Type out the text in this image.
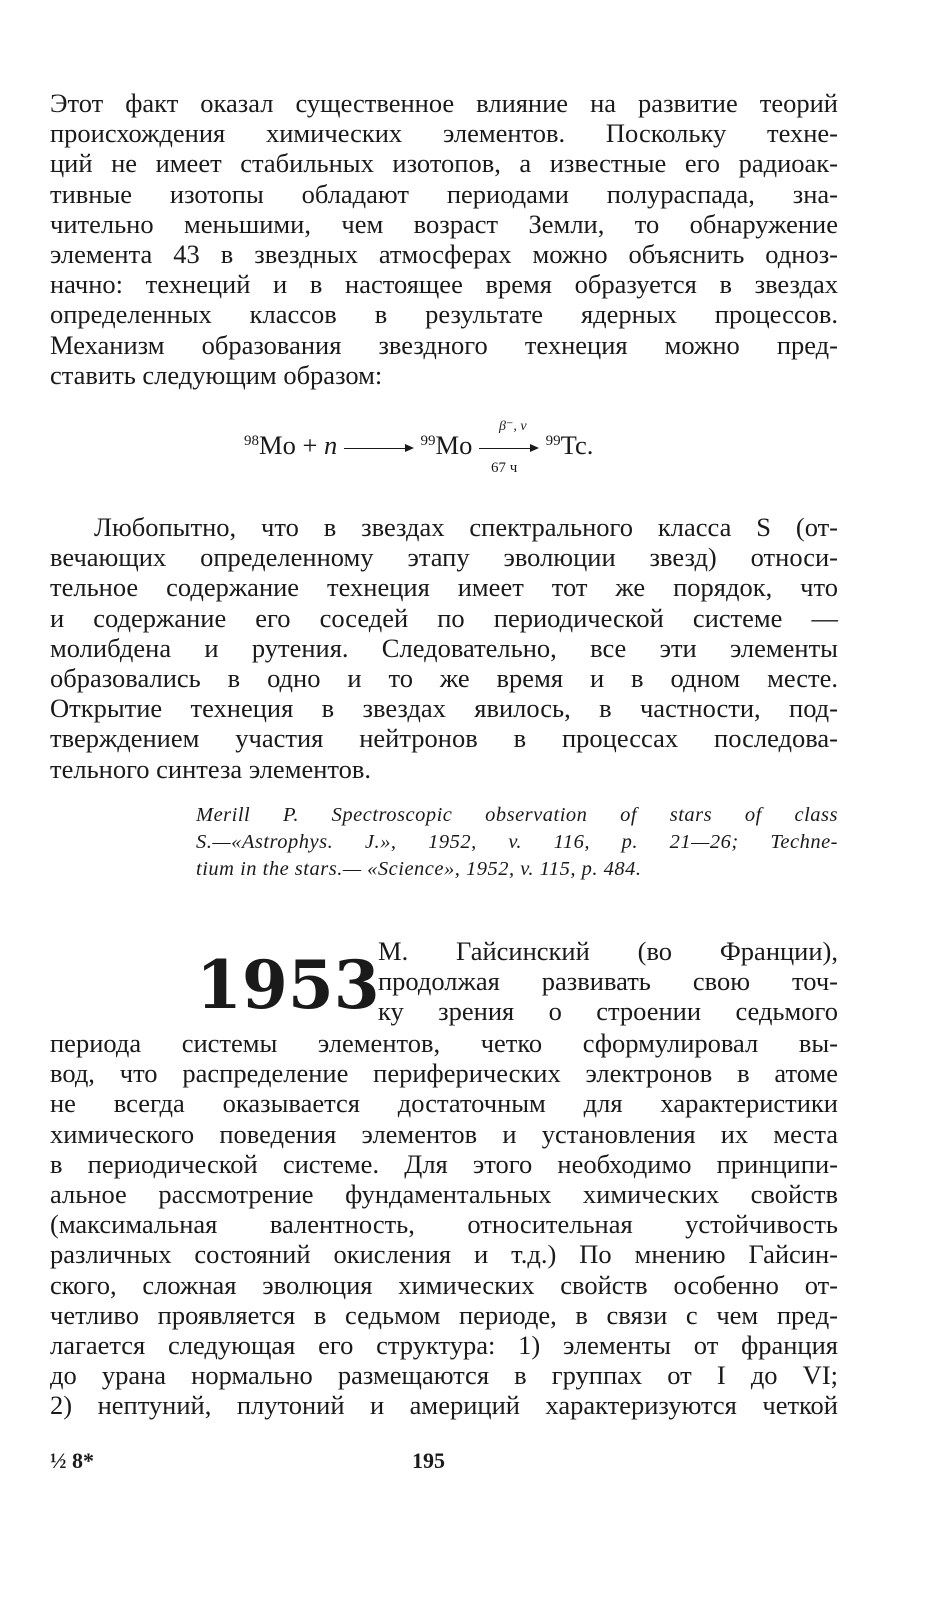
Этот факт оказал существенное влияние на развитие теорий
происхождения химических элементов. Поскольку техне-
ций не имеет стабильных изотопов, а известные его радиоак-
тивные изотопы обладают периодами полураспада, зна-
чительно меньшими, чем возраст Земли, то обнаружение
элемента 43 в звездных атмосферах можно объяснить одноз-
начно: технеций и в настоящее время образуется в звездах
определенных классов в результате ядерных процессов.
Механизм образования звездного технеция можно пред-
ставить следующим образом:
$^{98}$Mo + n	$^{99}$Mo
β⁻, ν
67 ч
$^{99}$Tc.
Любопытно, что в звездах спектрального класса S (от-
вечающих определенному этапу эволюции звезд) относи-
тельное содержание технеция имеет тот же порядок, что
и содержание его соседей по периодической системе —
молибдена и рутения. Следовательно, все эти элементы
образовались в одно и то же время и в одном месте.
Открытие технеция в звездах явилось, в частности, под-
тверждением участия нейтронов в процессах последова-
тельного синтеза элементов.
Merill P. Spectroscopic observation of stars of class
S.—«Astrophys. J.», 1952, v. 116, p. 21—26; Techne-
tium in the stars.— «Science», 1952, v. 115, p. 484.
1953
М. Гайсинский (во Франции),
продолжая развивать свою точ-
ку зрения о строении седьмого
периода системы элементов, четко сформулировал вы-
вод, что распределение периферических электронов в атоме
не всегда оказывается достаточным для характеристики
химического поведения элементов и установления их места
в периодической системе. Для этого необходимо принципи-
альное рассмотрение фундаментальных химических свойств
(максимальная валентность, относительная устойчивость
различных состояний окисления и т.д.) По мнению Гайсин-
ского, сложная эволюция химических свойств особенно от-
четливо проявляется в седьмом периоде, в связи с чем пред-
лагается следующая его структура: 1) элементы от франция
до урана нормально размещаются в группах от I до VI;
2) нептуний, плутоний и америций характеризуются четкой
½ 8*	195
